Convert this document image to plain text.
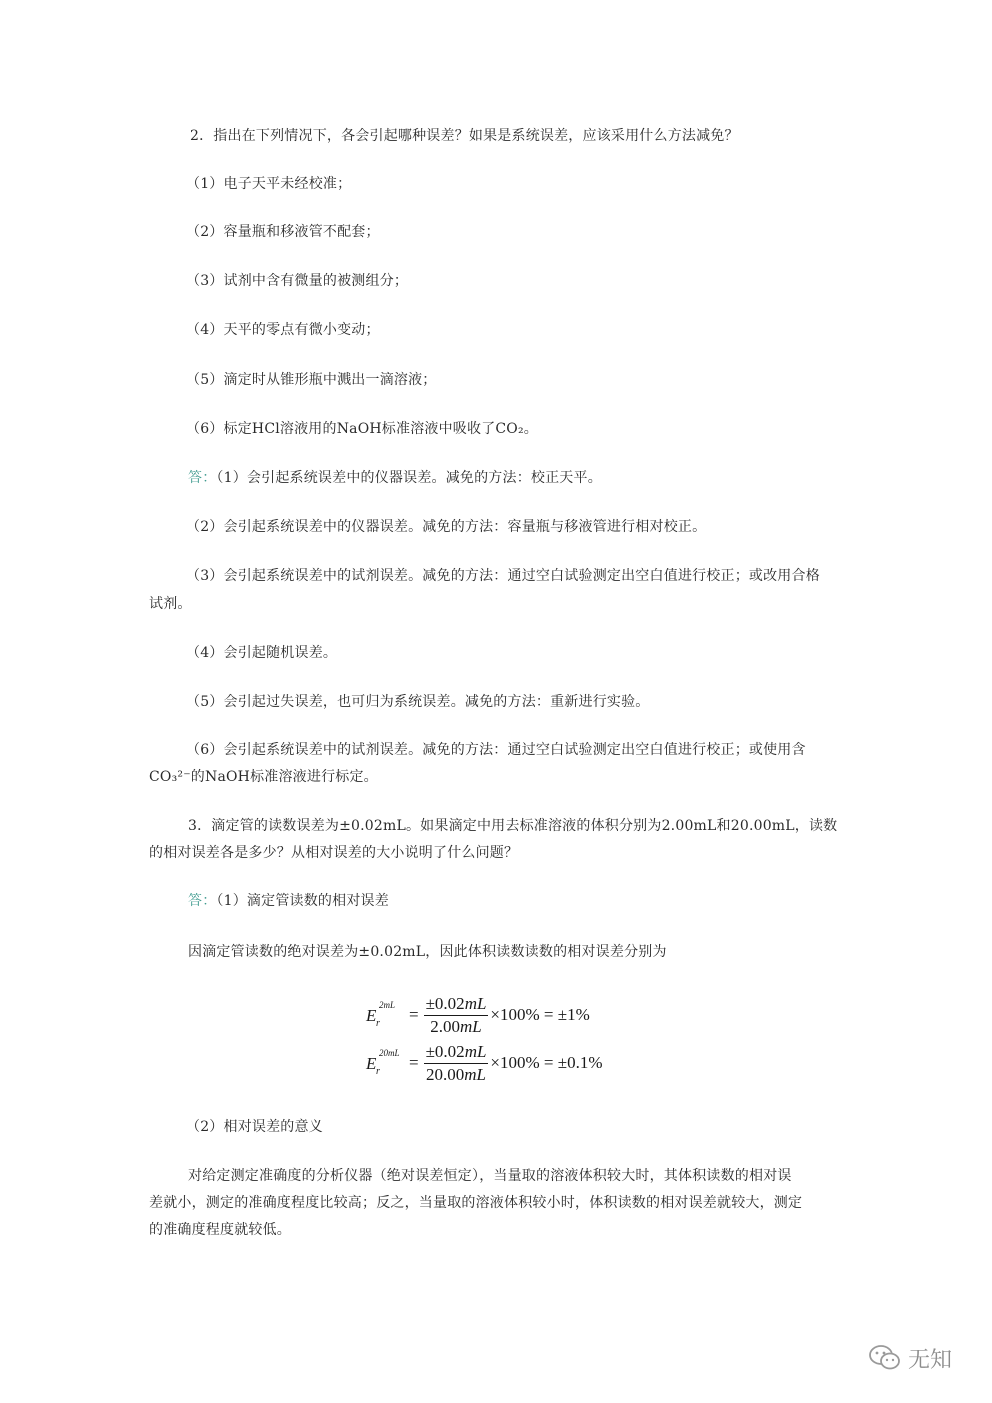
2．指出在下列情况下，各会引起哪种误差？如果是系统误差，应该采用什么方法减免？
（1）电子天平未经校准；
（2）容量瓶和移液管不配套；
（3）试剂中含有微量的被测组分；
（4）天平的零点有微小变动；
（5）滴定时从锥形瓶中溅出一滴溶液；
（6）标定HCl溶液用的NaOH标准溶液中吸收了CO₂。
答：（1）会引起系统误差中的仪器误差。减免的方法：校正天平。
（2）会引起系统误差中的仪器误差。减免的方法：容量瓶与移液管进行相对校正。
（3）会引起系统误差中的试剂误差。减免的方法：通过空白试验测定出空白值进行校正；或改用合格
试剂。
（4）会引起随机误差。
（5）会引起过失误差，也可归为系统误差。减免的方法：重新进行实验。
（6）会引起系统误差中的试剂误差。减免的方法：通过空白试验测定出空白值进行校正；或使用含
CO₃²⁻的NaOH标准溶液进行标定。
3．滴定管的读数误差为±0.02mL。如果滴定中用去标准溶液的体积分别为2.00mL和20.00mL，读数
的相对误差各是多少？从相对误差的大小说明了什么问题？
答：（1）滴定管读数的相对误差
因滴定管读数的绝对误差为±0.02mL，因此体积读数读数的相对误差分别为
E
2mL
$r = \frac{\pm 0.02mL}{2.00mL} \times 100\% = \pm 1\%$
E
20mL
$r = \frac{\pm 0.02mL}{20.00mL} \times 100\% = \pm 0.1\%$
（2）相对误差的意义
对给定测定准确度的分析仪器（绝对误差恒定），当量取的溶液体积较大时，其体积读数的相对误
差就小，测定的准确度程度比较高；反之，当量取的溶液体积较小时，体积读数的相对误差就较大，测定
的准确度程度就较低。
无知
